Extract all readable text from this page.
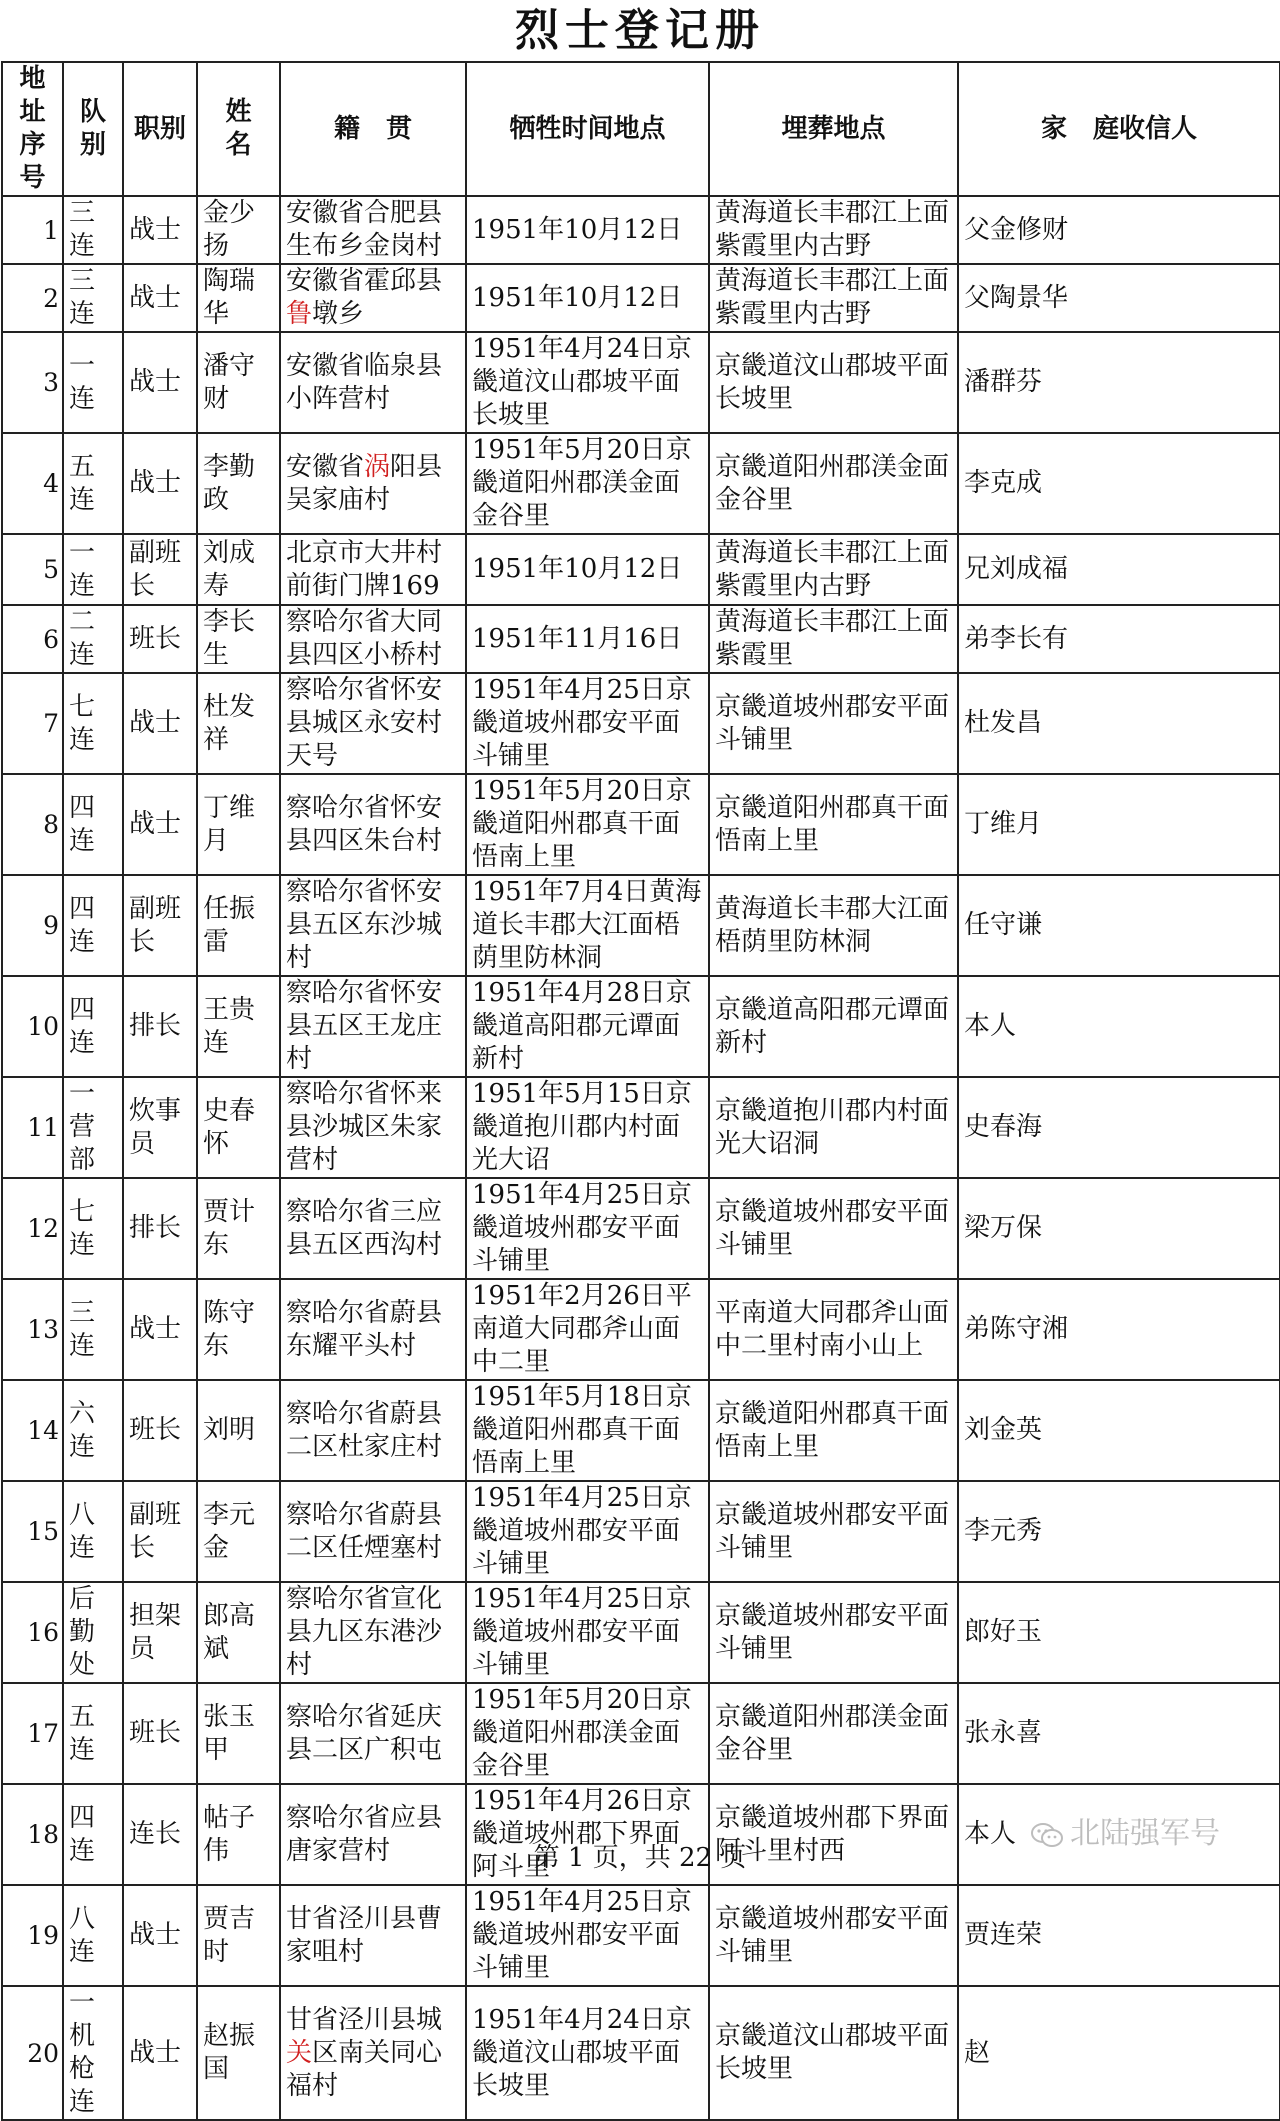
烈士登记册
地址序号	队别	职别	姓　名	籍　贯	牺牲时间地点	埋葬地点	家　庭收信人
1	三连	战士	金少扬	安徽省合肥县生布乡金岗村	1951年10月12日	黄海道长丰郡江上面紫霞里内古野	父金修财
2	三连	战士	陶瑞华	安徽省霍邱县鲁墩乡	1951年10月12日	黄海道长丰郡江上面紫霞里内古野	父陶景华
3	一连	战士	潘守财	安徽省临泉县小阵营村	1951年4月24日京畿道汶山郡坡平面长坡里	京畿道汶山郡坡平面长坡里	潘群芬
4	五连	战士	李勤政	安徽省涡阳县吴家庙村	1951年5月20日京畿道阳州郡渼金面金谷里	京畿道阳州郡渼金面金谷里	李克成
5	一连	副班长	刘成寿	北京市大井村前街门牌169	1951年10月12日	黄海道长丰郡江上面紫霞里内古野	兄刘成福
6	二连	班长	李长生	察哈尔省大同县四区小桥村	1951年11月16日	黄海道长丰郡江上面紫霞里	弟李长有
7	七连	战士	杜发祥	察哈尔省怀安县城区永安村天号	1951年4月25日京畿道坡州郡安平面斗铺里	京畿道坡州郡安平面斗铺里	杜发昌
8	四连	战士	丁维月	察哈尔省怀安县四区朱台村	1951年5月20日京畿道阳州郡真干面悟南上里	京畿道阳州郡真干面悟南上里	丁维月
9	四连	副班长	任振雷	察哈尔省怀安县五区东沙城村	1951年7月4日黄海道长丰郡大江面梧荫里防林洞	黄海道长丰郡大江面梧荫里防林洞	任守谦
10	四连	排长	王贵连	察哈尔省怀安县五区王龙庄村	1951年4月28日京畿道高阳郡元谭面新村	京畿道高阳郡元谭面新村	本人
11	一营部	炊事员	史春怀	察哈尔省怀来县沙城区朱家营村	1951年5月15日京畿道抱川郡内村面光大诏	京畿道抱川郡内村面光大诏洞	史春海
12	七连	排长	贾计东	察哈尔省三应县五区西沟村	1951年4月25日京畿道坡州郡安平面斗铺里	京畿道坡州郡安平面斗铺里	梁万保
13	三连	战士	陈守东	察哈尔省蔚县东耀平头村	1951年2月26日平南道大同郡斧山面中二里	平南道大同郡斧山面中二里村南小山上	弟陈守湘
14	六连	班长	刘明	察哈尔省蔚县二区杜家庄村	1951年5月18日京畿道阳州郡真干面悟南上里	京畿道阳州郡真干面悟南上里	刘金英
15	八连	副班长	李元金	察哈尔省蔚县二区任煙塞村	1951年4月25日京畿道坡州郡安平面斗铺里	京畿道坡州郡安平面斗铺里	李元秀
16	后勤处	担架员	郎高斌	察哈尔省宣化县九区东港沙村	1951年4月25日京畿道坡州郡安平面斗铺里	京畿道坡州郡安平面斗铺里	郎好玉
17	五连	班长	张玉甲	察哈尔省延庆县二区广积屯	1951年5月20日京畿道阳州郡渼金面金谷里	京畿道阳州郡渼金面金谷里	张永喜
18	四连	连长	帖子伟	察哈尔省应县唐家营村	1951年4月26日京畿道坡州郡下界面阿斗里	京畿道坡州郡下界面阿斗里村西	本人
19	八连	战士	贾吉时	甘省泾川县曹家咀村	1951年4月25日京畿道坡州郡安平面斗铺里	京畿道坡州郡安平面斗铺里	贾连荣
20	一机枪连	战士	赵振国	甘省泾川县城关区南关同心福村	1951年4月24日京畿道汶山郡坡平面长坡里	京畿道汶山郡坡平面长坡里	赵
第 1 页，共 22 页
北陆强军号
